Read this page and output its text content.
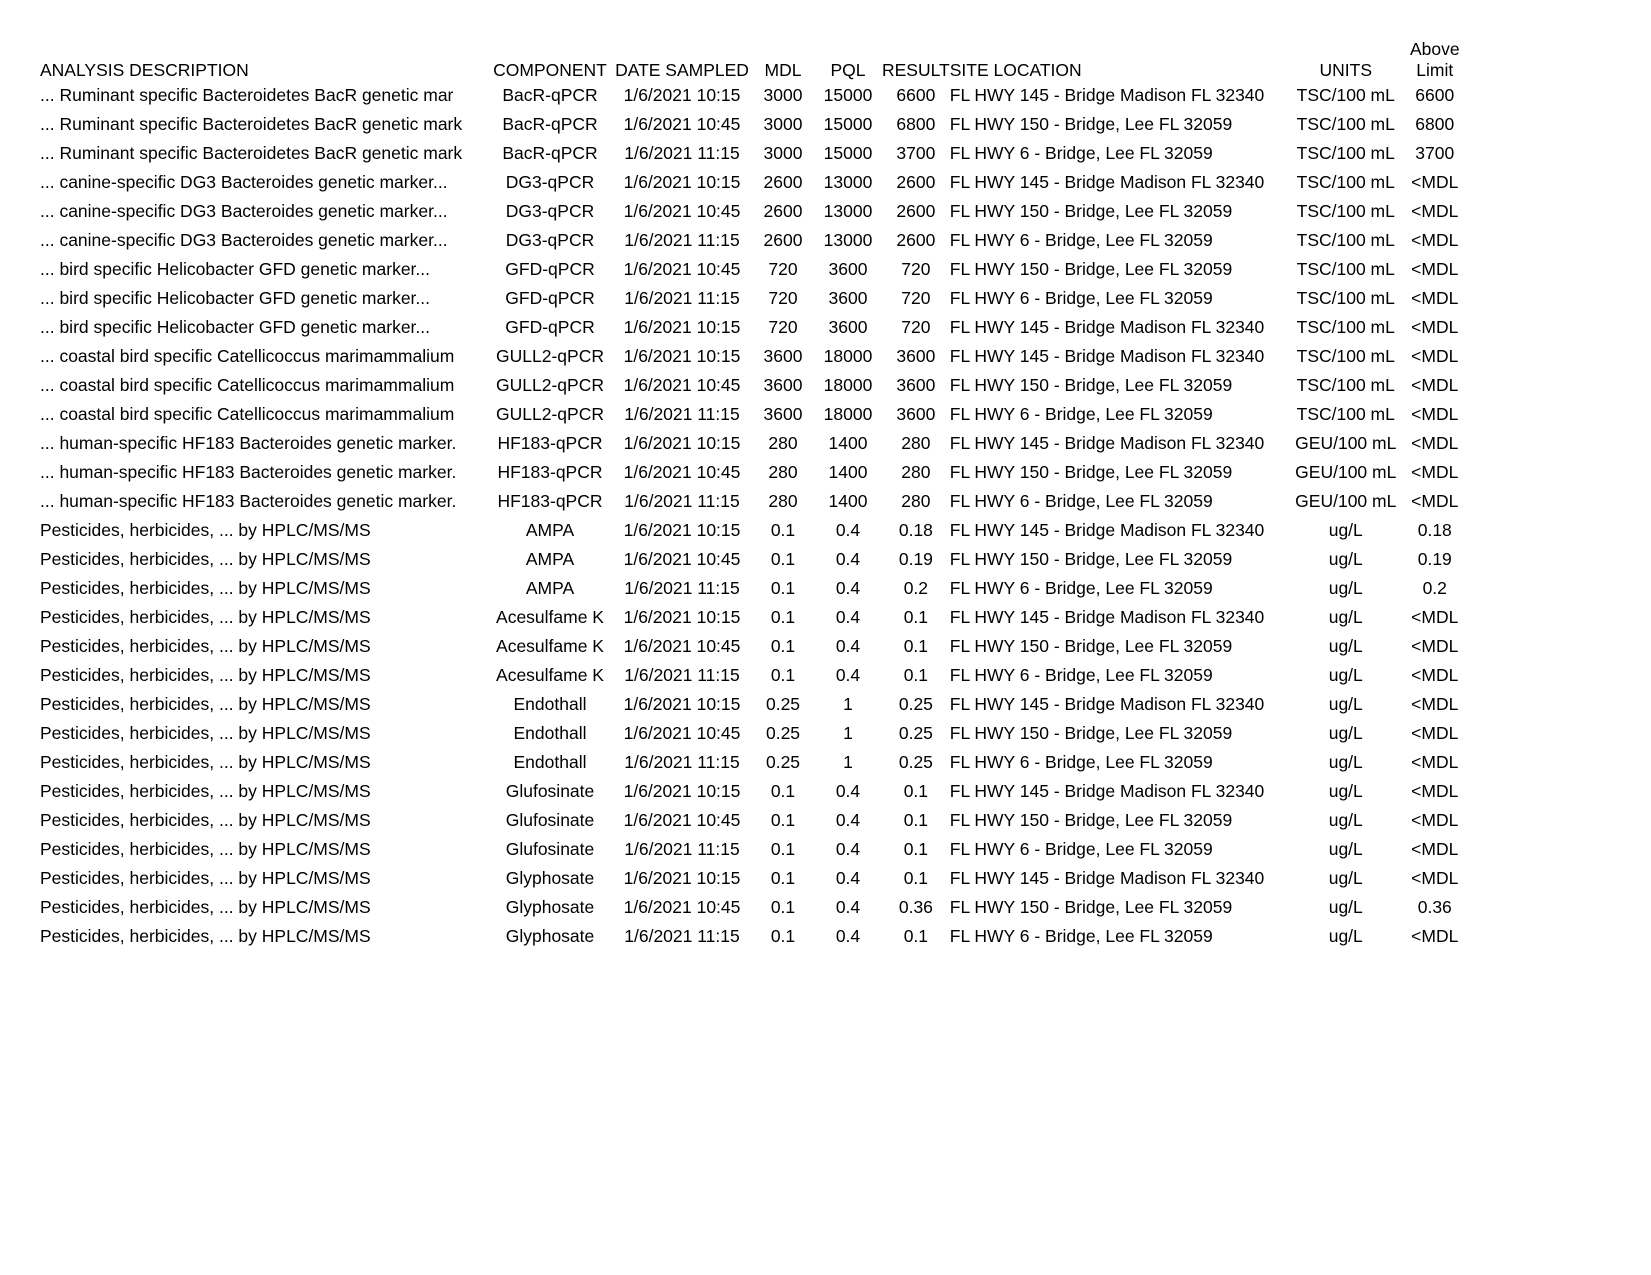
ANALYSIS DESCRIPTION	COMPONENT	DATE SAMPLED	MDL	PQL	RESULT	SITE LOCATION	UNITS	Above
Limit

... Ruminant specific Bacteroidetes BacR genetic mar	BacR-qPCR	1/6/2021 10:15	3000	15000	6600	FL HWY 145 - Bridge Madison FL 32340	TSC/100 mL	6600
... Ruminant specific Bacteroidetes BacR genetic mark	BacR-qPCR	1/6/2021 10:45	3000	15000	6800	FL HWY 150 - Bridge, Lee FL 32059	TSC/100 mL	6800
... Ruminant specific Bacteroidetes BacR genetic mark	BacR-qPCR	1/6/2021 11:15	3000	15000	3700	FL HWY 6 - Bridge, Lee FL 32059	TSC/100 mL	3700
... canine-specific DG3 Bacteroides genetic marker...	DG3-qPCR	1/6/2021 10:15	2600	13000	2600	FL HWY 145 - Bridge Madison FL 32340	TSC/100 mL	<MDL
... canine-specific DG3 Bacteroides genetic marker...	DG3-qPCR	1/6/2021 10:45	2600	13000	2600	FL HWY 150 - Bridge, Lee FL 32059	TSC/100 mL	<MDL
... canine-specific DG3 Bacteroides genetic marker...	DG3-qPCR	1/6/2021 11:15	2600	13000	2600	FL HWY 6 - Bridge, Lee FL 32059	TSC/100 mL	<MDL
... bird specific Helicobacter GFD genetic marker...	GFD-qPCR	1/6/2021 10:45	720	3600	720	FL HWY 150 - Bridge, Lee FL 32059	TSC/100 mL	<MDL
... bird specific Helicobacter GFD genetic marker...	GFD-qPCR	1/6/2021 11:15	720	3600	720	FL HWY 6 - Bridge, Lee FL 32059	TSC/100 mL	<MDL
... bird specific Helicobacter GFD genetic marker...	GFD-qPCR	1/6/2021 10:15	720	3600	720	FL HWY 145 - Bridge Madison FL 32340	TSC/100 mL	<MDL
... coastal bird specific Catellicoccus marimammalium	GULL2-qPCR	1/6/2021 10:15	3600	18000	3600	FL HWY 145 - Bridge Madison FL 32340	TSC/100 mL	<MDL
... coastal bird specific Catellicoccus marimammalium	GULL2-qPCR	1/6/2021 10:45	3600	18000	3600	FL HWY 150 - Bridge, Lee FL 32059	TSC/100 mL	<MDL
... coastal bird specific Catellicoccus marimammalium	GULL2-qPCR	1/6/2021 11:15	3600	18000	3600	FL HWY 6 - Bridge, Lee FL 32059	TSC/100 mL	<MDL
... human-specific HF183 Bacteroides genetic marker.	HF183-qPCR	1/6/2021 10:15	280	1400	280	FL HWY 145 - Bridge Madison FL 32340	GEU/100 mL	<MDL
... human-specific HF183 Bacteroides genetic marker.	HF183-qPCR	1/6/2021 10:45	280	1400	280	FL HWY 150 - Bridge, Lee FL 32059	GEU/100 mL	<MDL
... human-specific HF183 Bacteroides genetic marker.	HF183-qPCR	1/6/2021 11:15	280	1400	280	FL HWY 6 - Bridge, Lee FL 32059	GEU/100 mL	<MDL
Pesticides, herbicides, ... by HPLC/MS/MS	AMPA	1/6/2021 10:15	0.1	0.4	0.18	FL HWY 145 - Bridge Madison FL 32340	ug/L	0.18
Pesticides, herbicides, ... by HPLC/MS/MS	AMPA	1/6/2021 10:45	0.1	0.4	0.19	FL HWY 150 - Bridge, Lee FL 32059	ug/L	0.19
Pesticides, herbicides, ... by HPLC/MS/MS	AMPA	1/6/2021 11:15	0.1	0.4	0.2	FL HWY 6 - Bridge, Lee FL 32059	ug/L	0.2
Pesticides, herbicides, ... by HPLC/MS/MS	Acesulfame K	1/6/2021 10:15	0.1	0.4	0.1	FL HWY 145 - Bridge Madison FL 32340	ug/L	<MDL
Pesticides, herbicides, ... by HPLC/MS/MS	Acesulfame K	1/6/2021 10:45	0.1	0.4	0.1	FL HWY 150 - Bridge, Lee FL 32059	ug/L	<MDL
Pesticides, herbicides, ... by HPLC/MS/MS	Acesulfame K	1/6/2021 11:15	0.1	0.4	0.1	FL HWY 6 - Bridge, Lee FL 32059	ug/L	<MDL
Pesticides, herbicides, ... by HPLC/MS/MS	Endothall	1/6/2021 10:15	0.25	1	0.25	FL HWY 145 - Bridge Madison FL 32340	ug/L	<MDL
Pesticides, herbicides, ... by HPLC/MS/MS	Endothall	1/6/2021 10:45	0.25	1	0.25	FL HWY 150 - Bridge, Lee FL 32059	ug/L	<MDL
Pesticides, herbicides, ... by HPLC/MS/MS	Endothall	1/6/2021 11:15	0.25	1	0.25	FL HWY 6 - Bridge, Lee FL 32059	ug/L	<MDL
Pesticides, herbicides, ... by HPLC/MS/MS	Glufosinate	1/6/2021 10:15	0.1	0.4	0.1	FL HWY 145 - Bridge Madison FL 32340	ug/L	<MDL
Pesticides, herbicides, ... by HPLC/MS/MS	Glufosinate	1/6/2021 10:45	0.1	0.4	0.1	FL HWY 150 - Bridge, Lee FL 32059	ug/L	<MDL
Pesticides, herbicides, ... by HPLC/MS/MS	Glufosinate	1/6/2021 11:15	0.1	0.4	0.1	FL HWY 6 - Bridge, Lee FL 32059	ug/L	<MDL
Pesticides, herbicides, ... by HPLC/MS/MS	Glyphosate	1/6/2021 10:15	0.1	0.4	0.1	FL HWY 145 - Bridge Madison FL 32340	ug/L	<MDL
Pesticides, herbicides, ... by HPLC/MS/MS	Glyphosate	1/6/2021 10:45	0.1	0.4	0.36	FL HWY 150 - Bridge, Lee FL 32059	ug/L	0.36
Pesticides, herbicides, ... by HPLC/MS/MS	Glyphosate	1/6/2021 11:15	0.1	0.4	0.1	FL HWY 6 - Bridge, Lee FL 32059	ug/L	<MDL
